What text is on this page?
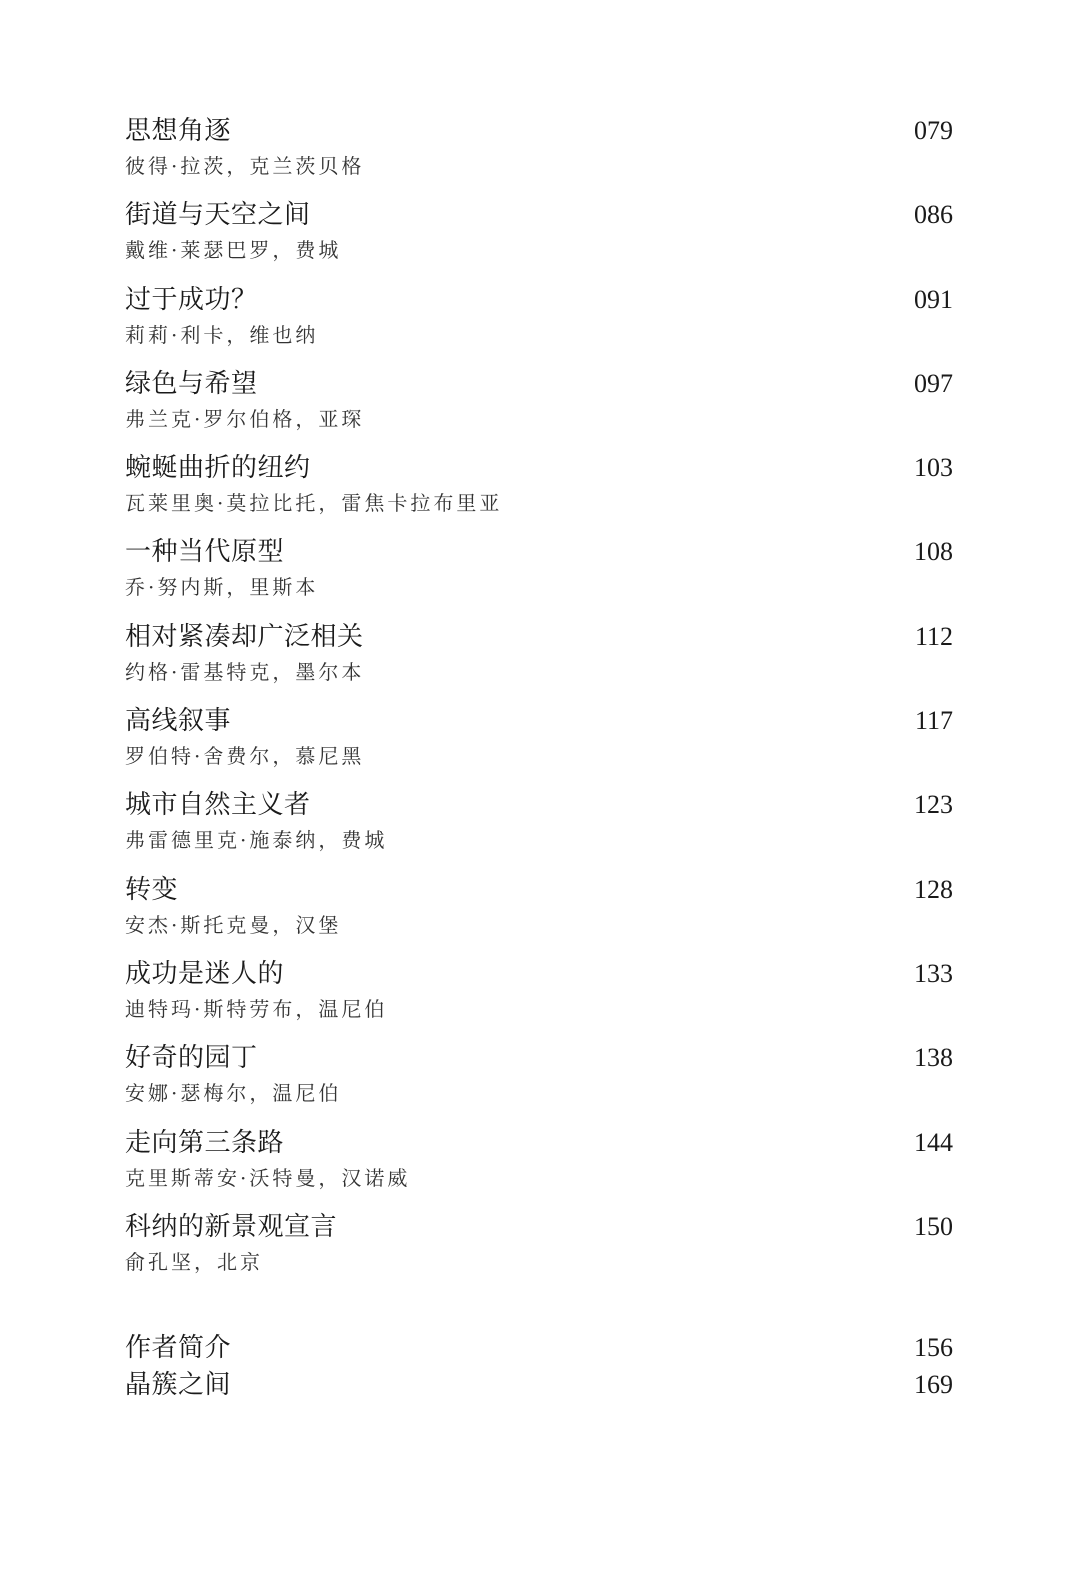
思想角逐	079
彼得·拉茨，克兰茨贝格
街道与天空之间	086
戴维·莱瑟巴罗，费城
过于成功？	091
莉莉·利卡，维也纳
绿色与希望	097
弗兰克·罗尔伯格，亚琛
蜿蜒曲折的纽约	103
瓦莱里奥·莫拉比托，雷焦卡拉布里亚
一种当代原型	108
乔·努内斯，里斯本
相对紧凑却广泛相关	112
约格·雷基特克，墨尔本
高线叙事	117
罗伯特·舍费尔，慕尼黑
城市自然主义者	123
弗雷德里克·施泰纳，费城
转变	128
安杰·斯托克曼，汉堡
成功是迷人的	133
迪特玛·斯特劳布，温尼伯
好奇的园丁	138
安娜·瑟梅尔，温尼伯
走向第三条路	144
克里斯蒂安·沃特曼，汉诺威
科纳的新景观宣言	150
俞孔坚，北京
作者简介	156
晶簇之间	169
